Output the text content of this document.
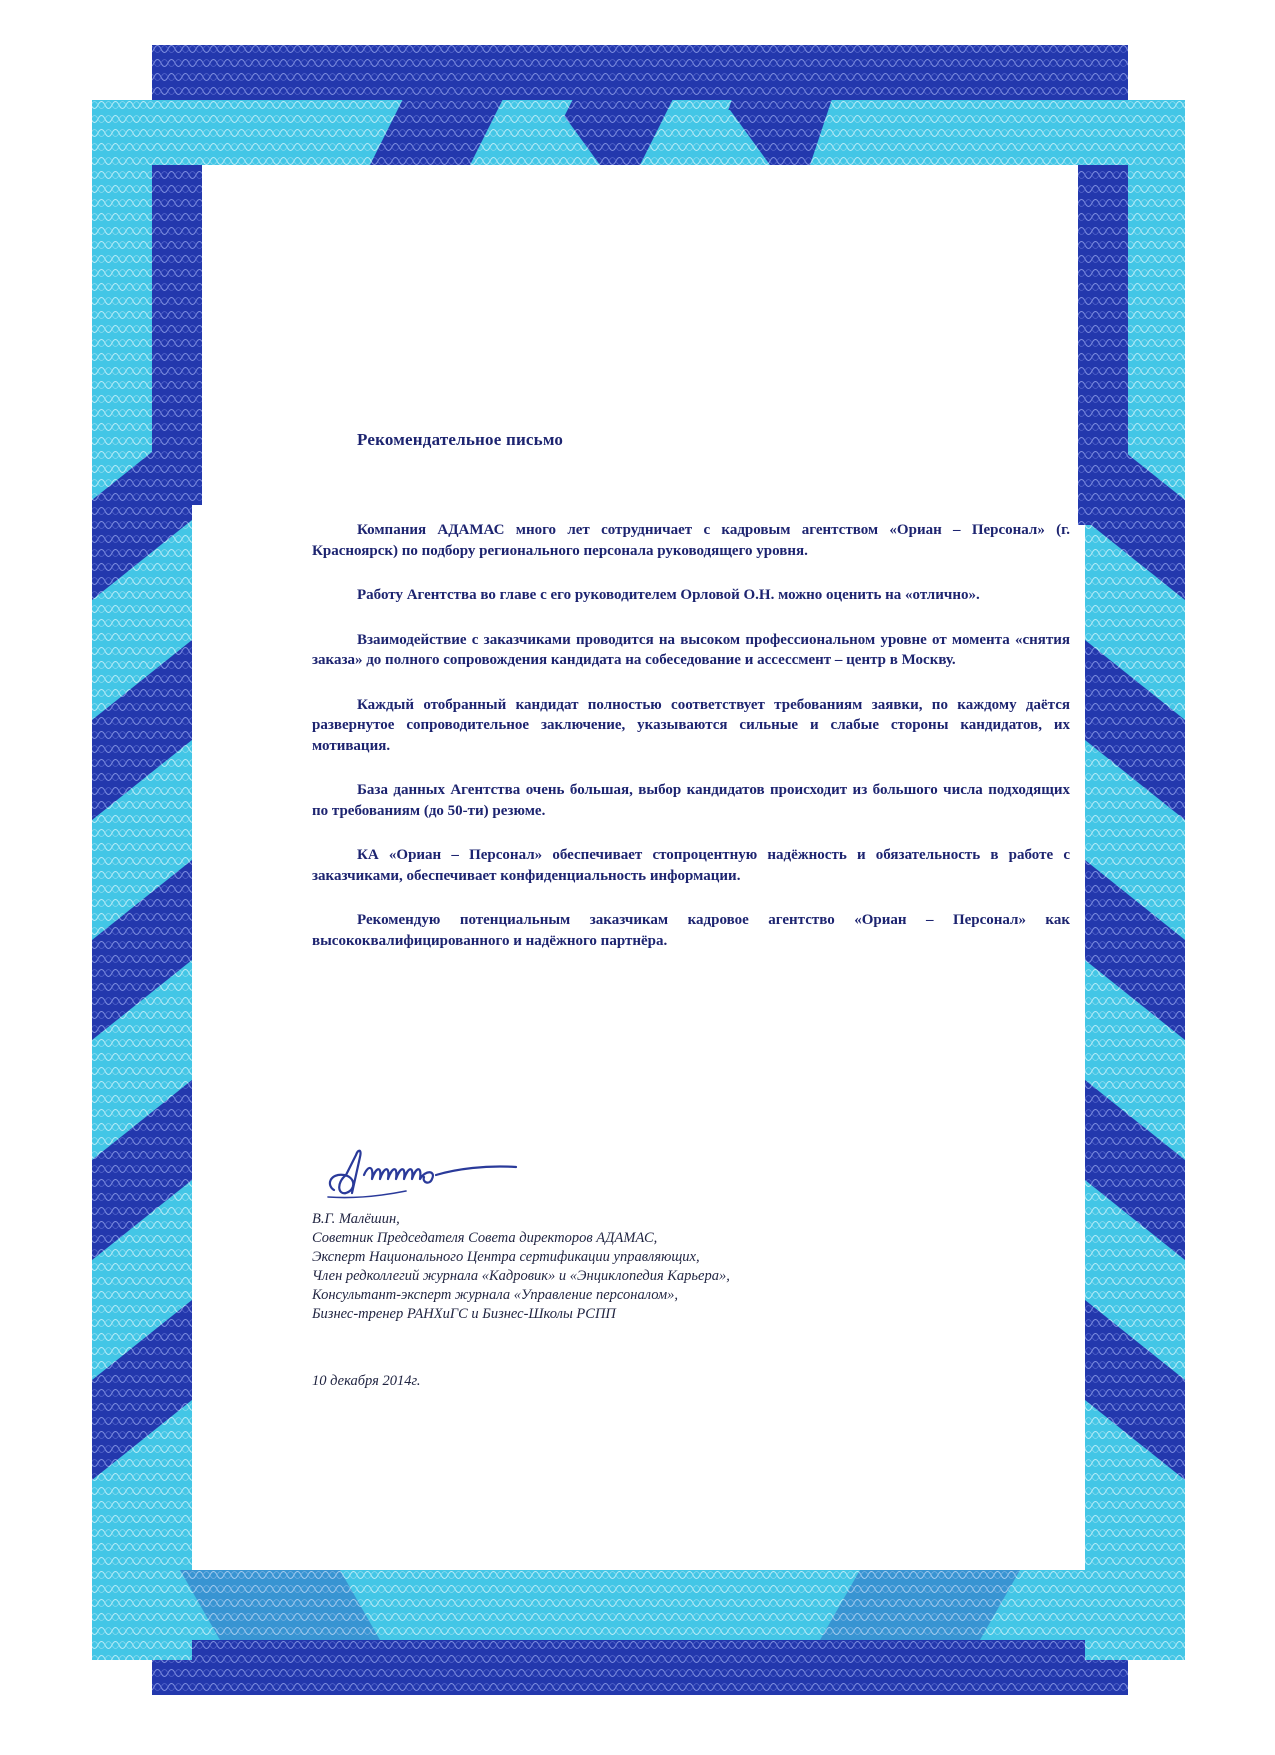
Рекомендательное письмо

Компания АДАМАС много лет сотрудничает с кадровым агентством «Ориан – Персонал» (г. Красноярск) по подбору регионального персонала руководящего уровня.

Работу Агентства во главе с его руководителем Орловой О.Н. можно оценить на «отлично».

Взаимодействие с заказчиками проводится на высоком профессиональном уровне от момента «снятия заказа» до полного сопровождения кандидата на собеседование и ассессмент – центр в Москву.

Каждый отобранный кандидат полностью соответствует требованиям заявки, по каждому даётся развернутое сопроводительное заключение, указываются сильные и слабые стороны кандидатов, их мотивация.

База данных Агентства очень большая, выбор кандидатов происходит из большого числа подходящих по требованиям (до 50-ти) резюме.

КА «Ориан – Персонал» обеспечивает стопроцентную надёжность и обязательность в работе с заказчиками, обеспечивает конфиденциальность информации.

Рекомендую потенциальным заказчикам кадровое агентство «Ориан – Персонал» как высококвалифицированного и надёжного партнёра.

В.Г. Малёшин,
Советник Председателя Совета директоров АДАМАС,
Эксперт Национального Центра сертификации управляющих,
Член редколлегий журнала «Кадровик» и «Энциклопедия Карьера»,
Консультант-эксперт журнала «Управление персоналом»,
Бизнес-тренер РАНХиГС и Бизнес-Школы РСПП
10 декабря 2014г.
